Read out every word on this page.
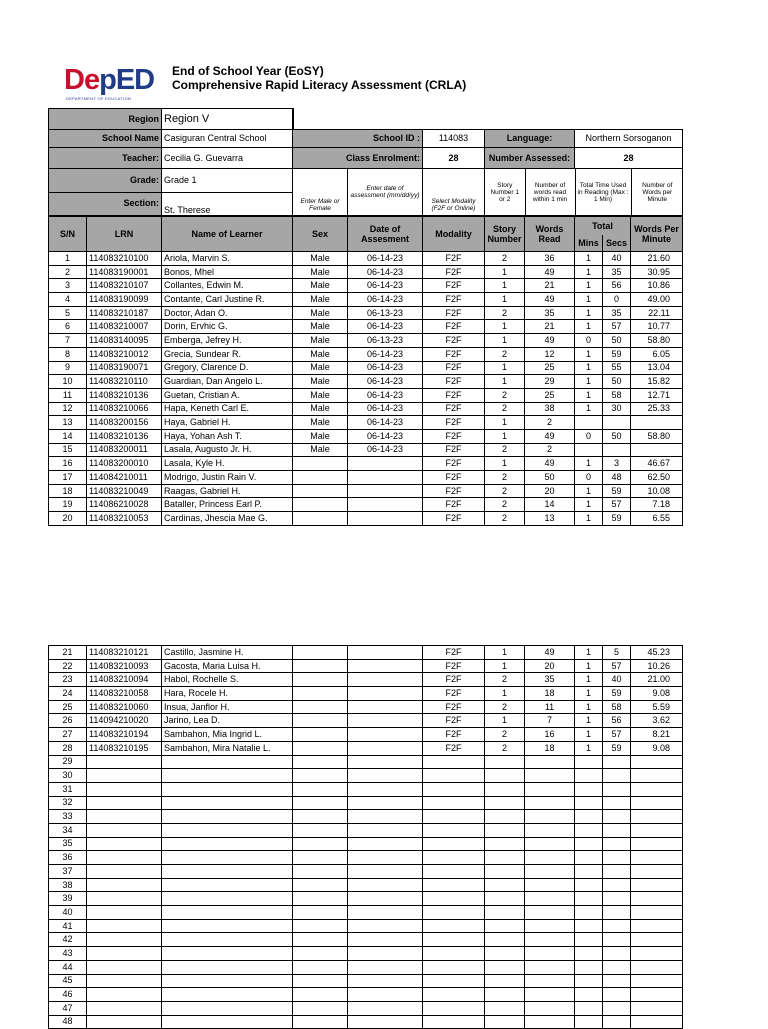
DepED
DEPARTMENT OF EDUCATION
End of School Year (EoSY)
Comprehensive Rapid Literacy Assessment (CRLA)
Region	Region V	
School Name	Casiguran Central School	School ID :	114083	Language:	Northern Sorsoganon
Teacher:	Cecilia G. Guevarra	Class Enrolment:	28	Number Assessed:	28
Grade:	Grade 1	Enter Male or Female	Enter date of assessment (mm/dd/yy)	Select Modality (F2F or Online)	
Story Number 1 or 2	Number of words read within 1 min	Total Time Used in Reading (Max : 1 Min)	Number of Words per Minute

Section:	St. Therese
S/N	LRN	Name of Learner	Sex	Date of Assesment	Modality	Story Number	Words Read	Total		Words Per Minute
								Mins	Secs	
1	114083210100	Ariola, Marvin S.	Male	06-14-23	F2F	2	36	1	40	21.60
2	114083190001	Bonos, Mhel	Male	06-14-23	F2F	1	49	1	35	30.95
3	114083210107	Collantes, Edwin M.	Male	06-14-23	F2F	1	21	1	56	10.86
4	114083190099	Contante, Carl Justine R.	Male	06-14-23	F2F	1	49	1	0	49.00
5	114083210187	Doctor, Adan O.	Male	06-13-23	F2F	2	35	1	35	22.11
6	114083210007	Dorin, Ervhic G.	Male	06-14-23	F2F	1	21	1	57	10.77
7	114083140095	Emberga, Jefrey H.	Male	06-13-23	F2F	1	49	0	50	58.80
8	114083210012	Grecia, Sundear R.	Male	06-14-23	F2F	2	12	1	59	6.05
9	114083190071	Gregory, Clarence D.	Male	06-14-23	F2F	1	25	1	55	13.04
10	114083210110	Guardian, Dan Angelo L.	Male	06-14-23	F2F	1	29	1	50	15.82
11	114083210136	Guetan, Cristian A.	Male	06-14-23	F2F	2	25	1	58	12.71
12	114083210066	Hapa, Keneth Carl E.	Male	06-14-23	F2F	2	38	1	30	25.33
13	114083200156	Haya, Gabriel H.	Male	06-14-23	F2F	1	2			
14	114083210136	Haya, Yohan Ash T.	Male	06-14-23	F2F	1	49	0	50	58.80
15	114083200011	Lasala, Augusto Jr. H.	Male	06-14-23	F2F	2	2			
16	114083200010	Lasala, Kyle H.			F2F	1	49	1	3	46.67
17	114084210011	Modrigo, Justin Rain V.			F2F	2	50	0	48	62.50
18	114083210049	Raagas, Gabriel H.			F2F	2	20	1	59	10.08
19	114086210028	Bataller, Princess Earl P.			F2F	2	14	1	57	7.18
20	114083210053	Cardinas, Jhescia Mae G.			F2F	2	13	1	59	6.55
21	114083210121	Castillo, Jasmine H.			F2F	1	49	1	5	45.23
22	114083210093	Gacosta, Maria Luisa H.			F2F	1	20	1	57	10.26
23	114083210094	Habol, Rochelle S.			F2F	2	35	1	40	21.00
24	114083210058	Hara, Rocele H.			F2F	1	18	1	59	9.08
25	114083210060	Insua, Janflor H.			F2F	2	11	1	58	5.59
26	114094210020	Jarino, Lea D.			F2F	1	7	1	56	3.62
27	114083210194	Sambahon, Mia Ingrid L.			F2F	2	16	1	57	8.21
28	114083210195	Sambahon, Mira Natalie L.			F2F	2	18	1	59	9.08
29										
30										
31										
32										
33										
34										
35										
36										
37										
38										
39										
40										
41										
42										
43										
44										
45										
46										
47										
48										
